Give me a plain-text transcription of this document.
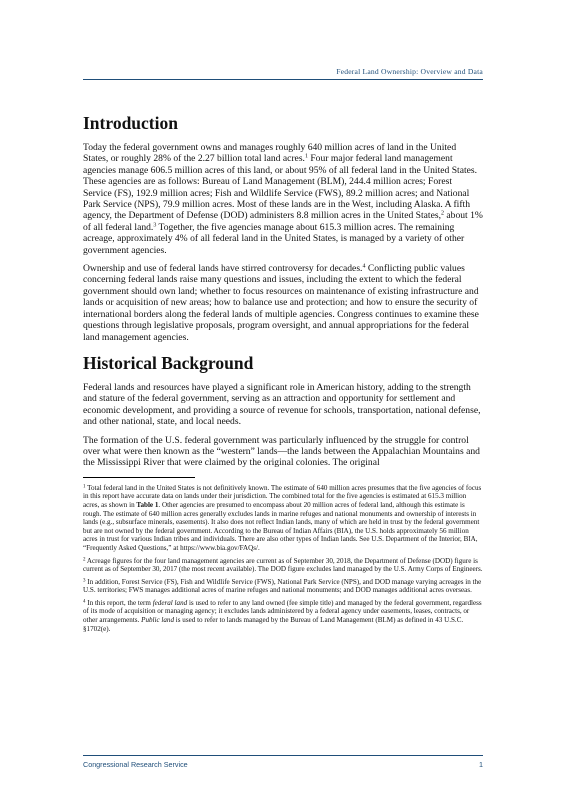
Federal Land Ownership: Overview and Data
Introduction

Today the federal government owns and manages roughly 640 million acres of land in the United States, or roughly 28% of the 2.27 billion total land acres.$^1$ Four major federal land management agencies manage 606.5 million acres of this land, or about 95% of all federal land in the United States. These agencies are as follows: Bureau of Land Management (BLM), 244.4 million acres; Forest Service (FS), 192.9 million acres; Fish and Wildlife Service (FWS), 89.2 million acres; and National Park Service (NPS), 79.9 million acres. Most of these lands are in the West, including Alaska. A fifth agency, the Department of Defense (DOD) administers 8.8 million acres in the United States,$^2$ about 1% of all federal land.$^3$ Together, the five agencies manage about 615.3 million acres. The remaining acreage, approximately 4% of all federal land in the United States, is managed by a variety of other government agencies.

Ownership and use of federal lands have stirred controversy for decades.$^4$ Conflicting public values concerning federal lands raise many questions and issues, including the extent to which the federal government should own land; whether to focus resources on maintenance of existing infrastructure and lands or acquisition of new areas; how to balance use and protection; and how to ensure the security of international borders along the federal lands of multiple agencies. Congress continues to examine these questions through legislative proposals, program oversight, and annual appropriations for the federal land management agencies.

Historical Background

Federal lands and resources have played a significant role in American history, adding to the strength and stature of the federal government, serving as an attraction and opportunity for settlement and economic development, and providing a source of revenue for schools, transportation, national defense, and other national, state, and local needs.

The formation of the U.S. federal government was particularly influenced by the struggle for control over what were then known as the “western” lands—the lands between the Appalachian Mountains and the Mississippi River that were claimed by the original colonies. The original

$^1$ Total federal land in the United States is not definitively known. The estimate of 640 million acres presumes that the five agencies of focus in this report have accurate data on lands under their jurisdiction. The combined total for the five agencies is estimated at 615.3 million acres, as shown in Table 1. Other agencies are presumed to encompass about 20 million acres of federal land, although this estimate is rough. The estimate of 640 million acres generally excludes lands in marine refuges and national monuments and ownership of interests in lands (e.g., subsurface minerals, easements). It also does not reflect Indian lands, many of which are held in trust by the federal government but are not owned by the federal government. According to the Bureau of Indian Affairs (BIA), the U.S. holds approximately 56 million acres in trust for various Indian tribes and individuals. There are also other types of Indian lands. See U.S. Department of the Interior, BIA, “Frequently Asked Questions,” at https://www.bia.gov/FAQs/.
$^2$ Acreage figures for the four land management agencies are current as of September 30, 2018, the Department of Defense (DOD) figure is current as of September 30, 2017 (the most recent available). The DOD figure excludes land managed by the U.S. Army Corps of Engineers.
$^3$ In addition, Forest Service (FS), Fish and Wildlife Service (FWS), National Park Service (NPS), and DOD manage varying acreages in the U.S. territories; FWS manages additional acres of marine refuges and national monuments; and DOD manages additional acres overseas.
$^4$ In this report, the term federal land is used to refer to any land owned (fee simple title) and managed by the federal government, regardless of its mode of acquisition or managing agency; it excludes lands administered by a federal agency under easements, leases, contracts, or other arrangements. Public land is used to refer to lands managed by the Bureau of Land Management (BLM) as defined in 43 U.S.C. §1702(e).
Congressional Research Service	1
